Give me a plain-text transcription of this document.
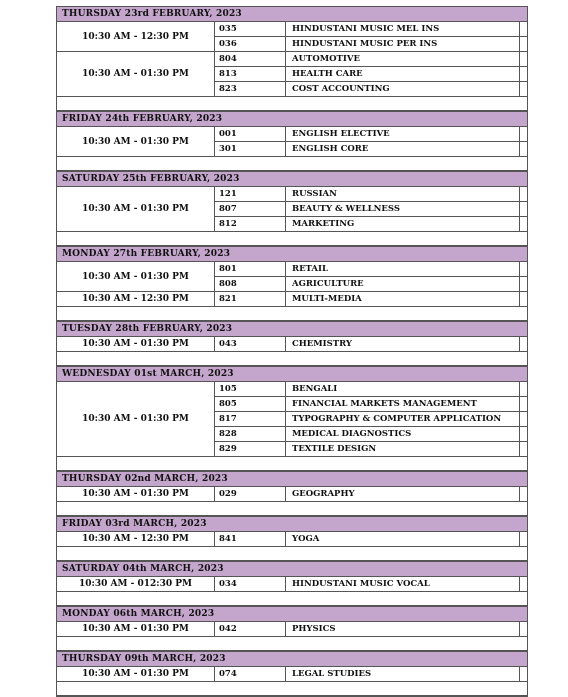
THURSDAY 23rd FEBRUARY, 2023
10:30 AM - 12:30 PM
035	HINDUSTANI MUSIC MEL INS
036	HINDUSTANI MUSIC PER INS
10:30 AM - 01:30 PM
804	AUTOMOTIVE
813	HEALTH CARE
823	COST ACCOUNTING
FRIDAY 24th FEBRUARY, 2023
10:30 AM - 01:30 PM
001	ENGLISH ELECTIVE
301	ENGLISH CORE
SATURDAY 25th FEBRUARY, 2023
10:30 AM - 01:30 PM
121	RUSSIAN
807	BEAUTY & WELLNESS
812	MARKETING
MONDAY 27th FEBRUARY, 2023
10:30 AM - 01:30 PM
801	RETAIL
808	AGRICULTURE
10:30 AM - 12:30 PM	821	MULTI-MEDIA
TUESDAY 28th FEBRUARY, 2023
10:30 AM - 01:30 PM	043	CHEMISTRY
WEDNESDAY 01st MARCH, 2023
10:30 AM - 01:30 PM
105	BENGALI
805	FINANCIAL MARKETS MANAGEMENT
817	TYPOGRAPHY & COMPUTER APPLICATION
828	MEDICAL DIAGNOSTICS
829	TEXTILE DESIGN
THURSDAY 02nd MARCH, 2023
10:30 AM - 01:30 PM	029	GEOGRAPHY
FRIDAY 03rd MARCH, 2023
10:30 AM - 12:30 PM	841	YOGA
SATURDAY 04th MARCH, 2023
10:30 AM - 012:30 PM	034	HINDUSTANI MUSIC VOCAL
MONDAY 06th MARCH, 2023
10:30 AM - 01:30 PM	042	PHYSICS
THURSDAY 09th MARCH, 2023
10:30 AM - 01:30 PM	074	LEGAL STUDIES
